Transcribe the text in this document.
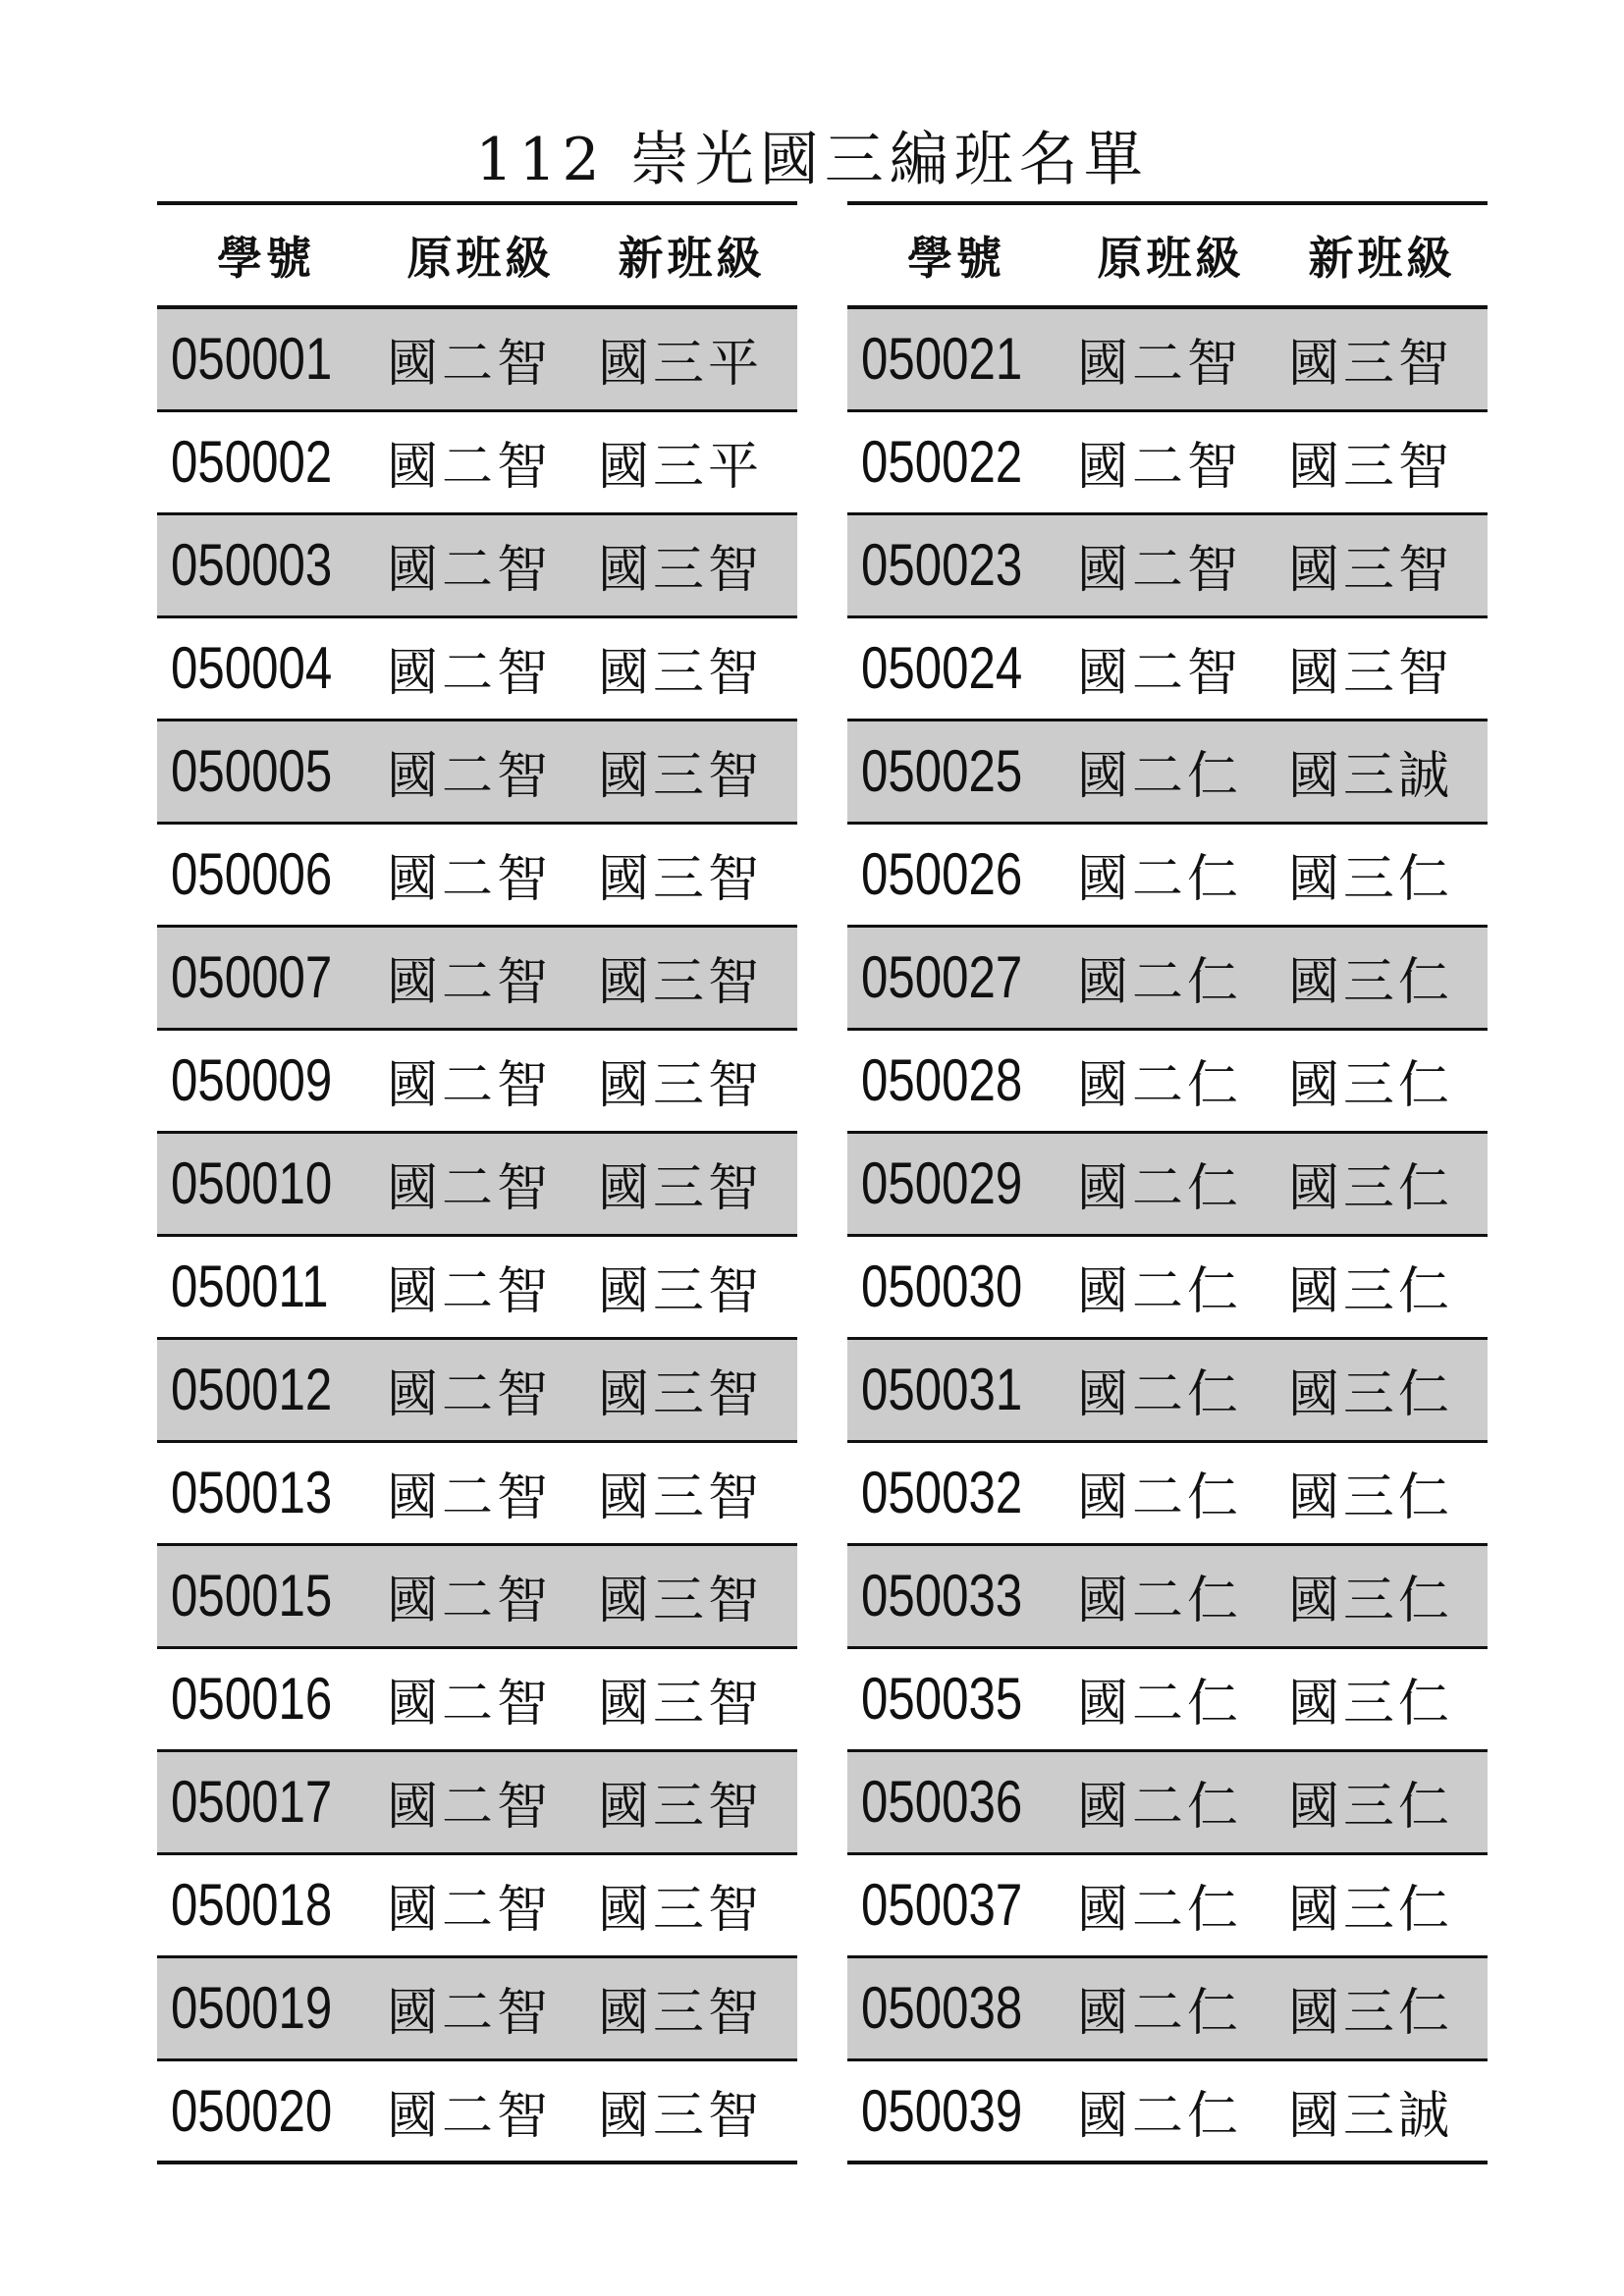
112 崇光國三編班名單
學號	原班級	新班級
050001	國二智	國三平
050002	國二智	國三平
050003	國二智	國三智
050004	國二智	國三智
050005	國二智	國三智
050006	國二智	國三智
050007	國二智	國三智
050009	國二智	國三智
050010	國二智	國三智
050011	國二智	國三智
050012	國二智	國三智
050013	國二智	國三智
050015	國二智	國三智
050016	國二智	國三智
050017	國二智	國三智
050018	國二智	國三智
050019	國二智	國三智
050020	國二智	國三智
學號	原班級	新班級
050021	國二智	國三智
050022	國二智	國三智
050023	國二智	國三智
050024	國二智	國三智
050025	國二仁	國三誠
050026	國二仁	國三仁
050027	國二仁	國三仁
050028	國二仁	國三仁
050029	國二仁	國三仁
050030	國二仁	國三仁
050031	國二仁	國三仁
050032	國二仁	國三仁
050033	國二仁	國三仁
050035	國二仁	國三仁
050036	國二仁	國三仁
050037	國二仁	國三仁
050038	國二仁	國三仁
050039	國二仁	國三誠
